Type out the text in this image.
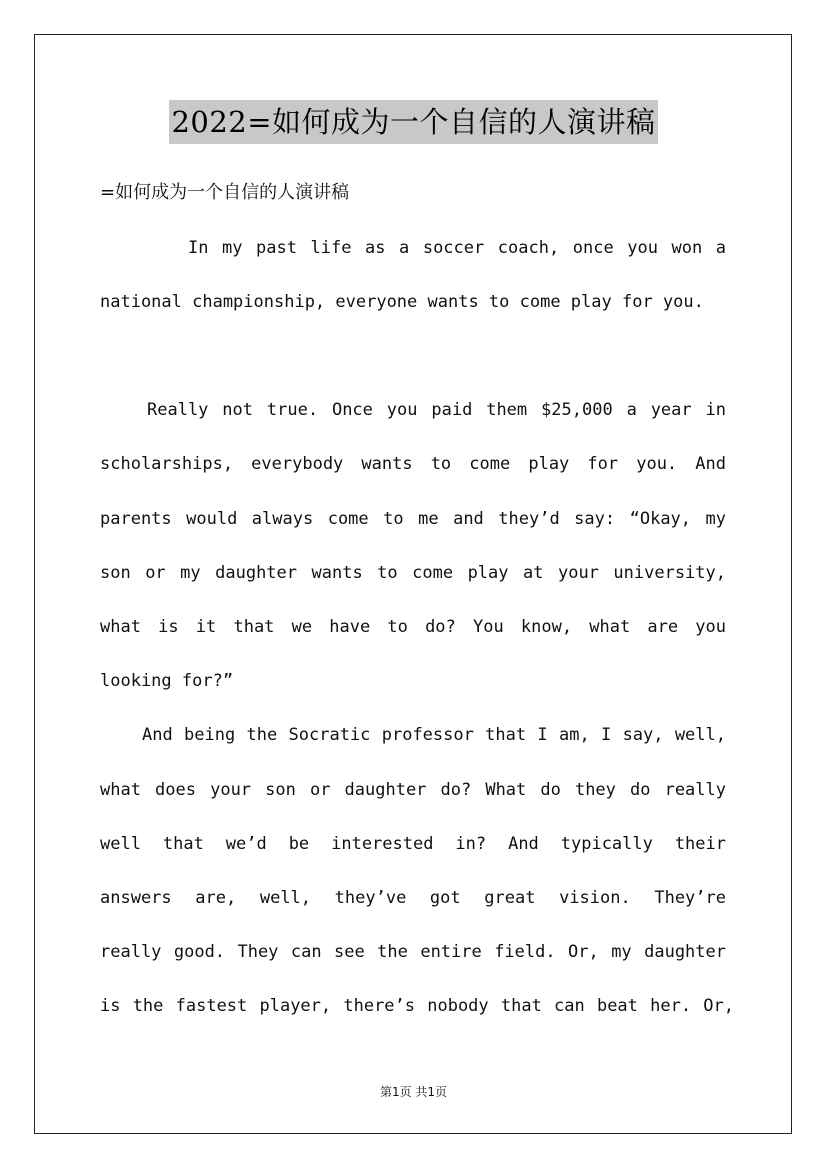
2022=如何成为一个自信的人演讲稿
=如何成为一个自信的人演讲稿
In my past life as a soccer coach, once you won a
national championship, everyone wants to come play for you.
Really not true. Once you paid them $25,000 a year in
scholarships, everybody wants to come play for you. And
parents would always come to me and they’d say: “Okay, my
son or my daughter wants to come play at your university,
what is it that we have to do? You know, what are you
looking for?”
And being the Socratic professor that I am, I say, well,
what does your son or daughter do? What do they do really
well that we’d be interested in? And typically their
answers are, well, they’ve got great vision. They’re
really good. They can see the entire field. Or, my daughter
is the fastest player, there’s nobody that can beat her. Or,
第1页 共1页
